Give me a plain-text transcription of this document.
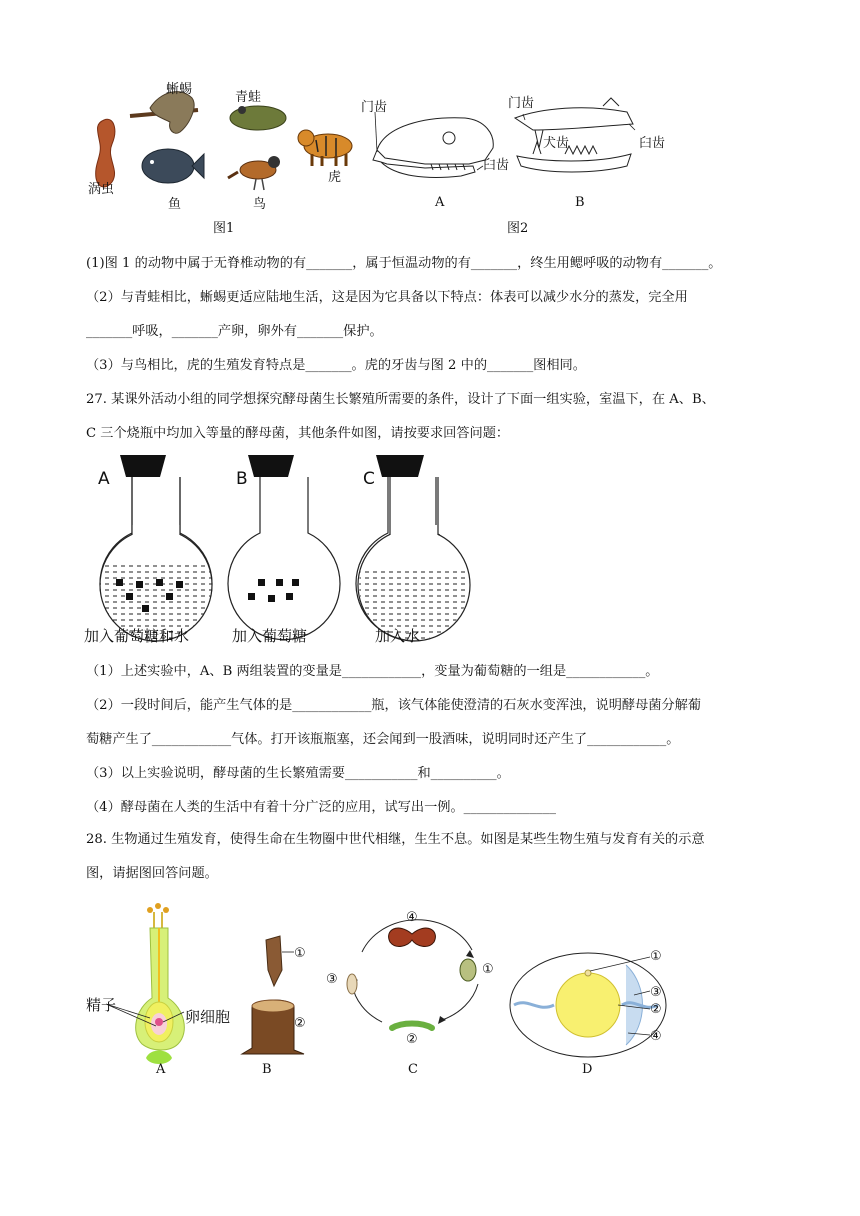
蜥蜴
青蛙
涡虫
鱼	鸟
虎
图1
门齿
臼齿
门齿
犬齿	臼齿
A	B
图2
(1)图 1 的动物中属于无脊椎动物的有_______，属于恒温动物的有_______，终生用鳃呼吸的动物有_______。
（2）与青蛙相比，蜥蜴更适应陆地生活，这是因为它具备以下特点：体表可以减少水分的蒸发，完全用
_______呼吸，_______产卵，卵外有_______保护。
（3）与鸟相比，虎的生殖发育特点是_______。虎的牙齿与图 2 中的_______图相同。
27. 某课外活动小组的同学想探究酵母菌生长繁殖所需要的条件，设计了下面一组实验，室温下，在 A、B、
C 三个烧瓶中均加入等量的酵母菌，其他条件如图，请按要求回答问题：
A	B	C
加入葡萄糖和水	加入葡萄糖	加入水
（1）上述实验中，A、B 两组装置的变量是____________，变量为葡萄糖的一组是____________。
（2）一段时间后，能产生气体的是____________瓶，该气体能使澄清的石灰水变浑浊，说明酵母菌分解葡
萄糖产生了____________气体。打开该瓶瓶塞，还会闻到一股酒味，说明同时还产生了____________。
（3）以上实验说明，酵母菌的生长繁殖需要___________和__________。
（4）酵母菌在人类的生活中有着十分广泛的应用，试写出一例。______________
28. 生物通过生殖发育，使得生命在生物圈中世代相继，生生不息。如图是某些生物生殖与发育有关的示意
图，请据图回答问题。
精子
卵细胞
A
①
②
B
④
①
②
③
C
①
③
②
④
D
